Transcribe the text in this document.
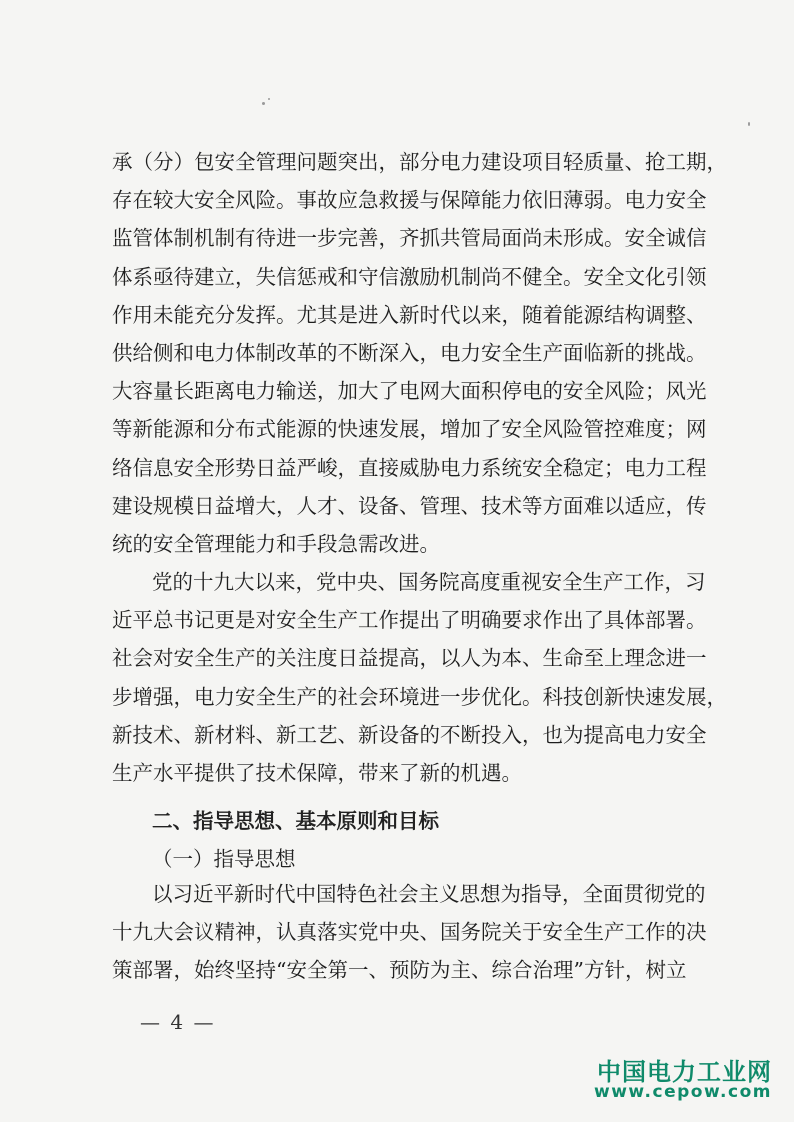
承 （ 分 ） 包 安 全 管 理 问 题 突 出 ， 部 分 电 力 建 设 项 目 轻 质 量 、 抢 工 期 ，
存 在 较 大 安 全 风 险 。 事 故 应 急 救 援 与 保 障 能 力 依 旧 薄 弱 。 电 力 安 全
监 管 体 制 机 制 有 待 进 一 步 完 善 ， 齐 抓 共 管 局 面 尚 未 形 成 。 安 全 诚 信
体 系 亟 待 建 立 ， 失 信 惩 戒 和 守 信 激 励 机 制 尚 不 健 全 。 安 全 文 化 引 领
作 用 未 能 充 分 发 挥 。 尤 其 是 进 入 新 时 代 以 来 ， 随 着 能 源 结 构 调 整 、
供 给 侧 和 电 力 体 制 改 革 的 不 断 深 入 ， 电 力 安 全 生 产 面 临 新 的 挑 战 。
大 容 量 长 距 离 电 力 输 送 ， 加 大 了 电 网 大 面 积 停 电 的 安 全 风 险 ； 风 光
等 新 能 源 和 分 布 式 能 源 的 快 速 发 展 ， 增 加 了 安 全 风 险 管 控 难 度 ； 网
络 信 息 安 全 形 势 日 益 严 峻 ， 直 接 威 胁 电 力 系 统 安 全 稳 定 ； 电 力 工 程
建 设 规 模 日 益 增 大 ， 人 才 、 设 备 、 管 理 、 技 术 等 方 面 难 以 适 应 ， 传
统 的 安 全 管 理 能 力 和 手 段 急 需 改 进 。
党 的 十 九 大 以 来 ， 党 中 央 、 国 务 院 高 度 重 视 安 全 生 产 工 作 ， 习
近 平 总 书 记 更 是 对 安 全 生 产 工 作 提 出 了 明 确 要 求 作 出 了 具 体 部 署 。
社 会 对 安 全 生 产 的 关 注 度 日 益 提 高 ， 以 人 为 本 、 生 命 至 上 理 念 进 一
步 增 强 ， 电 力 安 全 生 产 的 社 会 环 境 进 一 步 优 化 。 科 技 创 新 快 速 发 展 ，
新 技 术 、 新 材 料 、 新 工 艺 、 新 设 备 的 不 断 投 入 ， 也 为 提 高 电 力 安 全
生 产 水 平 提 供 了 技 术 保 障 ， 带 来 了 新 的 机 遇 。
二、指导思想、基本原则和目标
（一）指导思想
以 习 近 平 新 时 代 中 国 特 色 社 会 主 义 思 想 为 指 导 ， 全 面 贯 彻 党 的
十 九 大 会 议 精 神 ， 认 真 落 实 党 中 央 、 国 务 院 关 于 安 全 生 产 工 作 的 决
策 部 署 ， 始 终 坚 持 “ 安 全 第 一 、 预 防 为 主 、 综 合 治 理 ” 方 针 ， 树 立
— 4 —
中国电力工业网
www.cepow.com
